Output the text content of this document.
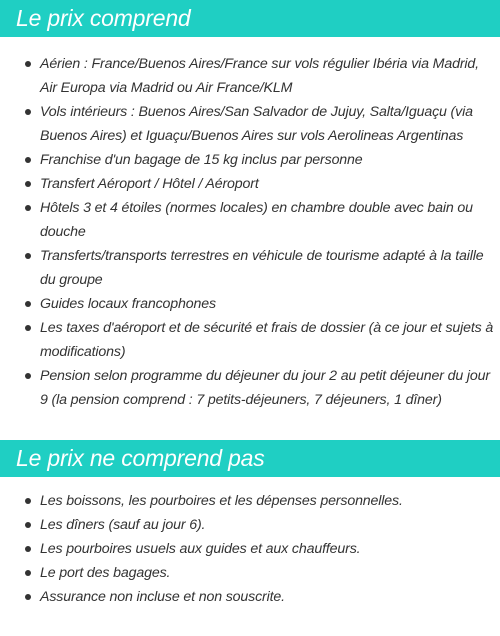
Le prix comprend
Aérien : France/Buenos Aires/France sur vols régulier Ibéria via Madrid, Air Europa via Madrid ou Air France/KLM
Vols intérieurs : Buenos Aires/San Salvador de Jujuy, Salta/Iguaçu (via Buenos Aires) et Iguaçu/Buenos Aires sur vols Aerolineas Argentinas
Franchise d'un bagage de 15 kg inclus par personne
Transfert Aéroport / Hôtel / Aéroport
Hôtels 3 et 4 étoiles (normes locales) en chambre double avec bain ou douche
Transferts/transports terrestres en véhicule de tourisme adapté à la taille du groupe
Guides locaux francophones
Les taxes d'aéroport et de sécurité et frais de dossier (à ce jour et sujets à modifications)
Pension selon programme du déjeuner du jour 2 au petit déjeuner du jour 9 (la pension comprend : 7 petits-déjeuners, 7 déjeuners, 1 dîner)
Le prix ne comprend pas
Les boissons, les pourboires et les dépenses personnelles.
Les dîners (sauf au jour 6).
Les pourboires usuels aux guides et aux chauffeurs.
Le port des bagages.
Assurance non incluse et non souscrite.
